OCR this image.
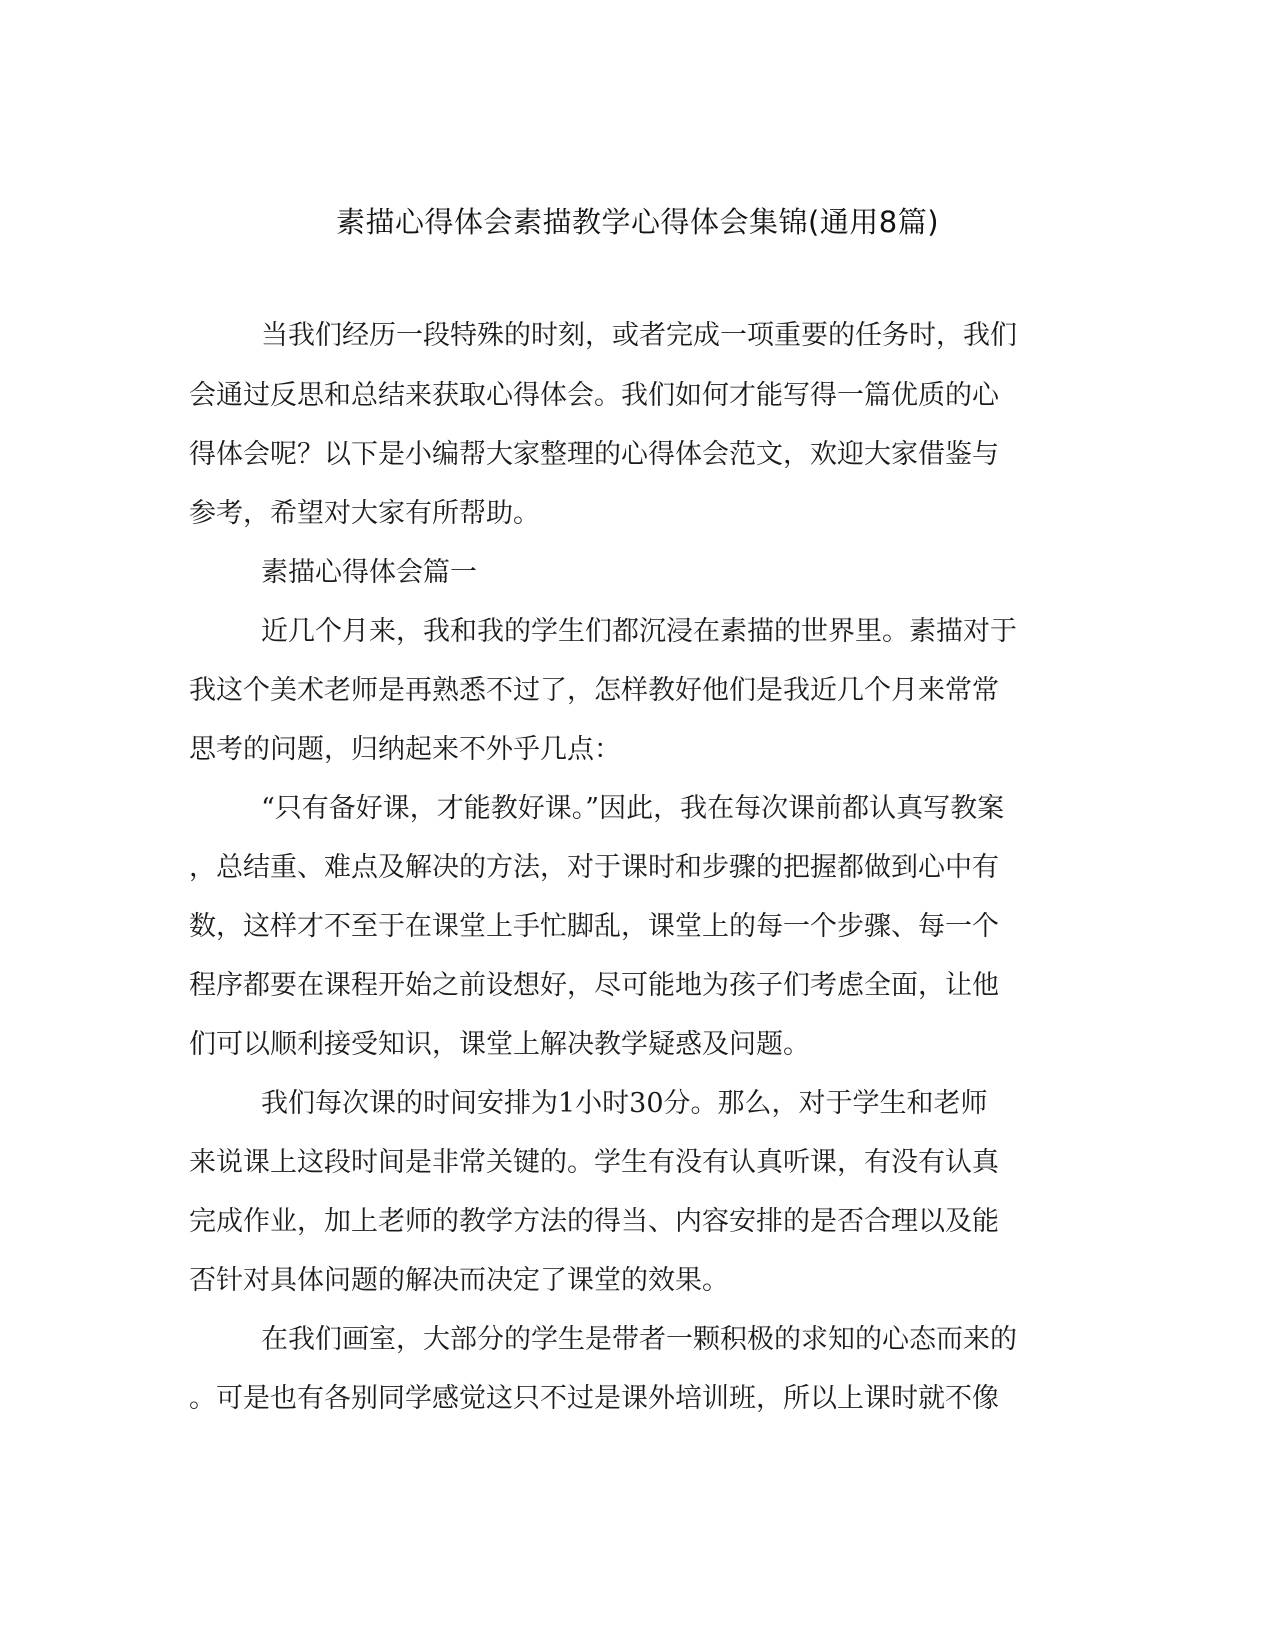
素描心得体会素描教学心得体会集锦(通用8篇)
当我们经历一段特殊的时刻，或者完成一项重要的任务时，我们
会通过反思和总结来获取心得体会。我们如何才能写得一篇优质的心
得体会呢？以下是小编帮大家整理的心得体会范文，欢迎大家借鉴与
参考，希望对大家有所帮助。
素描心得体会篇一
近几个月来，我和我的学生们都沉浸在素描的世界里。素描对于
我这个美术老师是再熟悉不过了，怎样教好他们是我近几个月来常常
思考的问题，归纳起来不外乎几点：
“只有备好课，才能教好课。”因此，我在每次课前都认真写教案
，总结重、难点及解决的方法，对于课时和步骤的把握都做到心中有
数，这样才不至于在课堂上手忙脚乱，课堂上的每一个步骤、每一个
程序都要在课程开始之前设想好，尽可能地为孩子们考虑全面，让他
们可以顺利接受知识，课堂上解决教学疑惑及问题。
我们每次课的时间安排为1小时30分。那么，对于学生和老师
来说课上这段时间是非常关键的。学生有没有认真听课，有没有认真
完成作业，加上老师的教学方法的得当、内容安排的是否合理以及能
否针对具体问题的解决而决定了课堂的效果。
在我们画室，大部分的学生是带者一颗积极的求知的心态而来的
。可是也有各别同学感觉这只不过是课外培训班，所以上课时就不像
